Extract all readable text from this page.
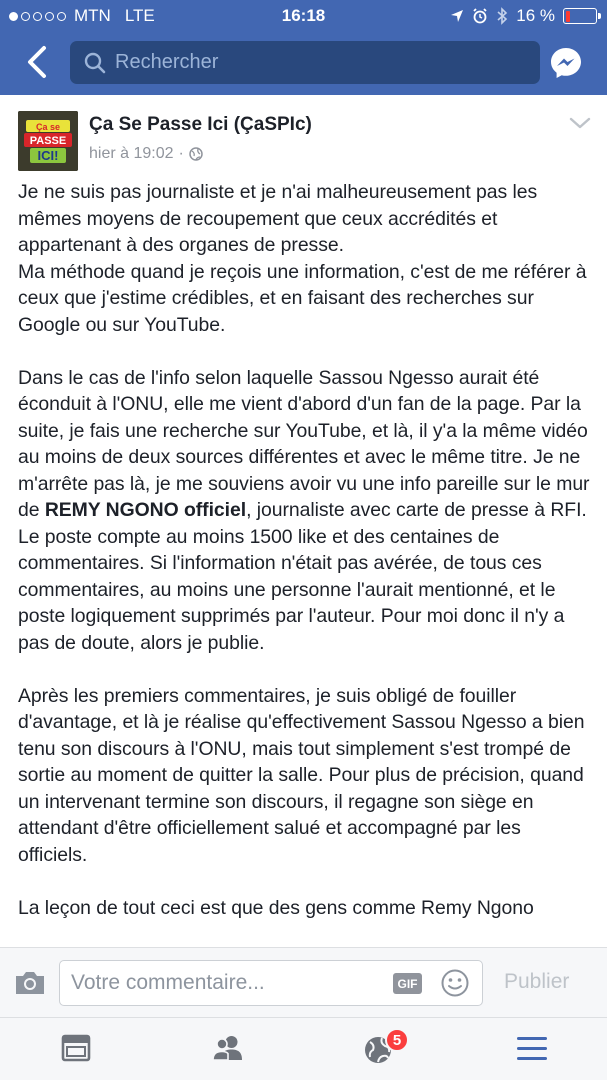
MTN LTE	16:18	16 %
Rechercher
Ça se
PASSE
ICI!
Ça Se Passe Ici (ÇaSPIc)
hier à 19:02 ·

Je ne suis pas journaliste et je n'ai malheureusement pas les mêmes moyens de recoupement que ceux accrédités et appartenant à des organes de presse.
Ma méthode quand je reçois une information, c'est de me référer à ceux que j'estime crédibles, et en faisant des recherches sur Google ou sur YouTube.

Dans le cas de l'info selon laquelle Sassou Ngesso aurait été éconduit à l'ONU, elle me vient d'abord d'un fan de la page. Par la suite, je fais une recherche sur YouTube, et là, il y'a la même vidéo au moins de deux sources différentes et avec le même titre. Je ne m'arrête pas là, je me souviens avoir vu une info pareille sur le mur de REMY NGONO officiel, journaliste avec carte de presse à RFI. Le poste compte au moins 1500 like et des centaines de commentaires. Si l'information n'était pas avérée, de tous ces commentaires, au moins une personne l'aurait mentionné, et le poste logiquement supprimés par l'auteur. Pour moi donc il n'y a pas de doute, alors je publie.

Après les premiers commentaires, je suis obligé de fouiller d'avantage, et là je réalise qu'effectivement Sassou Ngesso a bien tenu son discours à l'ONU, mais tout simplement s'est trompé de sortie au moment de quitter la salle. Pour plus de précision, quand un intervenant termine son discours, il regagne son siège en attendant d'être officiellement salué et accompagné par les officiels.

La leçon de tout ceci est que des gens comme Remy Ngono

Votre commentaire...
GIF	Publier
5
